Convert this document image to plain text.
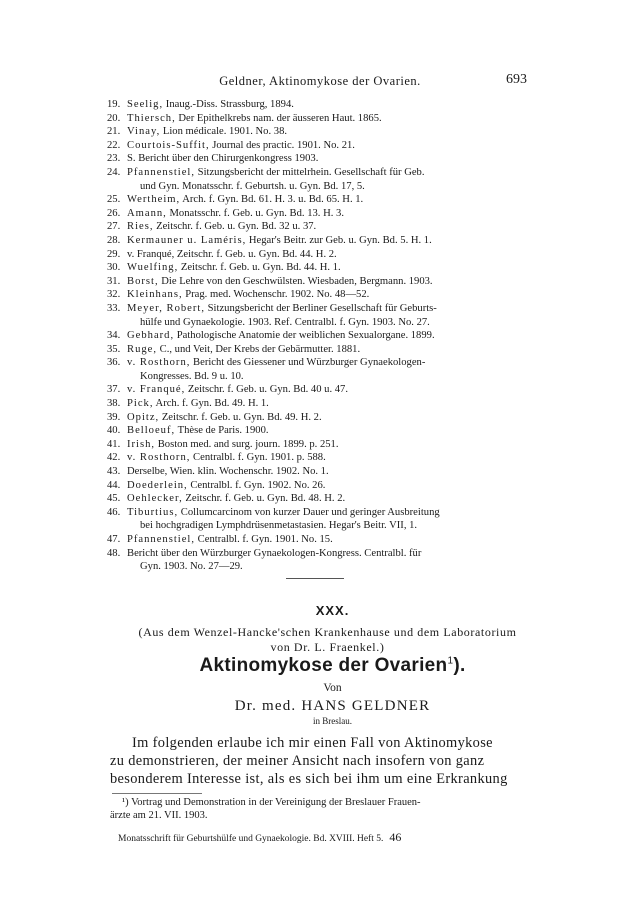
Geldner, Aktinomykose der Ovarien.	693
19. Seelig, Inaug.-Diss. Strassburg, 1894.
20. Thiersch, Der Epithelkrebs nam. der äusseren Haut. 1865.
21. Vinay, Lion médicale. 1901. No. 38.
22. Courtois-Suffit, Journal des practic. 1901. No. 21.
23. S. Bericht über den Chirurgenkongress 1903.
24. Pfannenstiel, Sitzungsbericht der mittelrhein. Gesellschaft für Geb.
und Gyn. Monatsschr. f. Geburtsh. u. Gyn. Bd. 17, 5.
25. Wertheim, Arch. f. Gyn. Bd. 61. H. 3. u. Bd. 65. H. 1.
26. Amann, Monatsschr. f. Geb. u. Gyn. Bd. 13. H. 3.
27. Ries, Zeitschr. f. Geb. u. Gyn. Bd. 32 u. 37.
28. Kermauner u. Laméris, Hegar's Beitr. zur Geb. u. Gyn. Bd. 5. H. 1.
29. v. Franqué, Zeitschr. f. Geb. u. Gyn. Bd. 44. H. 2.
30. Wuelfing, Zeitschr. f. Geb. u. Gyn. Bd. 44. H. 1.
31. Borst, Die Lehre von den Geschwülsten. Wiesbaden, Bergmann. 1903.
32. Kleinhans, Prag. med. Wochenschr. 1902. No. 48—52.
33. Meyer, Robert, Sitzungsbericht der Berliner Gesellschaft für Geburts-
hülfe und Gynaekologie. 1903. Ref. Centralbl. f. Gyn. 1903. No. 27.
34. Gebhard, Pathologische Anatomie der weiblichen Sexualorgane. 1899.
35. Ruge, C., und Veit, Der Krebs der Gebärmutter. 1881.
36. v. Rosthorn, Bericht des Giessener und Würzburger Gynaekologen-
Kongresses. Bd. 9 u. 10.
37. v. Franqué, Zeitschr. f. Geb. u. Gyn. Bd. 40 u. 47.
38. Pick, Arch. f. Gyn. Bd. 49. H. 1.
39. Opitz, Zeitschr. f. Geb. u. Gyn. Bd. 49. H. 2.
40. Belloeuf, Thèse de Paris. 1900.
41. Irish, Boston med. and surg. journ. 1899. p. 251.
42. v. Rosthorn, Centralbl. f. Gyn. 1901. p. 588.
43. Derselbe, Wien. klin. Wochenschr. 1902. No. 1.
44. Doederlein, Centralbl. f. Gyn. 1902. No. 26.
45. Oehlecker, Zeitschr. f. Geb. u. Gyn. Bd. 48. H. 2.
46. Tiburtius, Collumcarcinom von kurzer Dauer und geringer Ausbreitung
bei hochgradigen Lymphdrüsenmetastasien. Hegar's Beitr. VII, 1.
47. Pfannenstiel, Centralbl. f. Gyn. 1901. No. 15.
48. Bericht über den Würzburger Gynaekologen-Kongress. Centralbl. für
Gyn. 1903. No. 27—29.
XXX.
(Aus dem Wenzel-Hancke'schen Krankenhause und dem Laboratorium
von Dr. L. Fraenkel.)
Aktinomykose der Ovarien$^1$).
Von
Dr. med. HANS GELDNER
in Breslau.
Im folgenden erlaube ich mir einen Fall von Aktinomykose
zu demonstrieren, der meiner Ansicht nach insofern von ganz
besonderem Interesse ist, als es sich bei ihm um eine Erkrankung
¹) Vortrag und Demonstration in der Vereinigung der Breslauer Frauen-
ärzte am 21. VII. 1903.
Monatsschrift für Geburtshülfe und Gynaekologie. Bd. XVIII. Heft 5. 46
